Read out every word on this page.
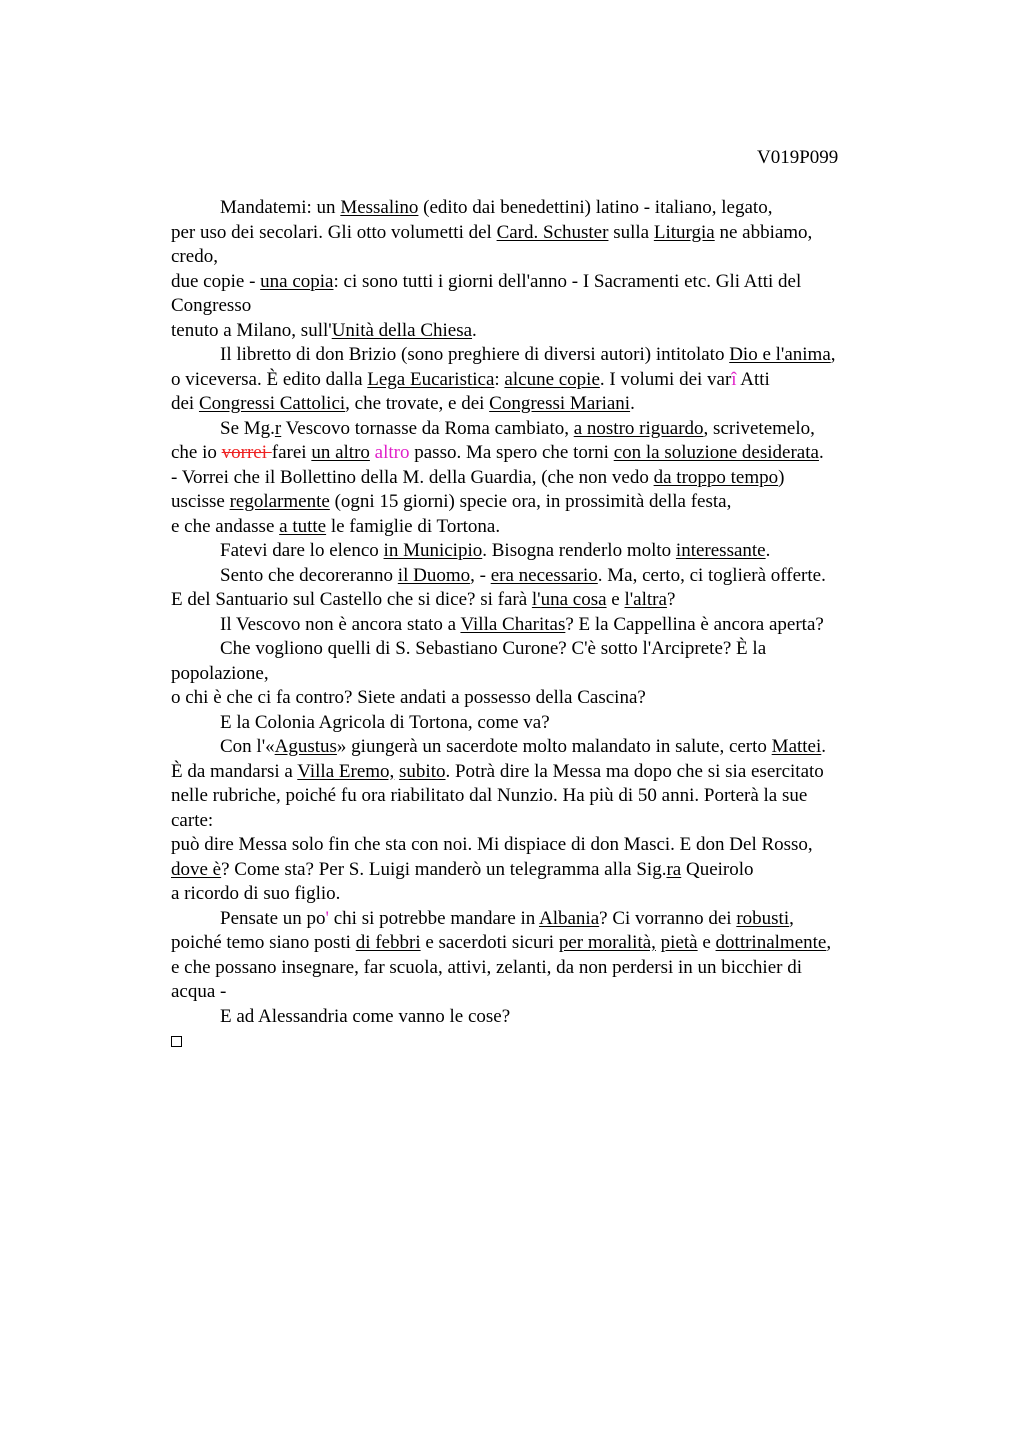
V019P099
Mandatemi: un Messalino (edito dai benedettini) latino - italiano, legato,
per uso dei secolari. Gli otto volumetti del Card. Schuster sulla Liturgia ne abbiamo,
credo,
due copie - una copia: ci sono tutti i giorni dell'anno - I Sacramenti etc. Gli Atti del
Congresso
tenuto a Milano, sull'Unità della Chiesa.
Il libretto di don Brizio (sono preghiere di diversi autori) intitolato Dio e l'anima,
o viceversa. È edito dalla Lega Eucaristica: alcune copie. I volumi dei varî Atti
dei Congressi Cattolici, che trovate, e dei Congressi Mariani.
Se Mg.r Vescovo tornasse da Roma cambiato, a nostro riguardo, scrivetemelo,
che io vorrei farei un altro altro passo. Ma spero che torni con la soluzione desiderata.
- Vorrei che il Bollettino della M. della Guardia, (che non vedo da troppo tempo)
uscisse regolarmente (ogni 15 giorni) specie ora, in prossimità della festa,
e che andasse a tutte le famiglie di Tortona.
Fatevi dare lo elenco in Municipio. Bisogna renderlo molto interessante.
Sento che decoreranno il Duomo, - era necessario. Ma, certo, ci toglierà offerte.
E del Santuario sul Castello che si dice? si farà l'una cosa e l'altra?
Il Vescovo non è ancora stato a Villa Charitas? E la Cappellina è ancora aperta?
Che vogliono quelli di S. Sebastiano Curone? C'è sotto l'Arciprete? È la
popolazione,
o chi è che ci fa contro? Siete andati a possesso della Cascina?
E la Colonia Agricola di Tortona, come va?
Con l'«Agustus» giungerà un sacerdote molto malandato in salute, certo Mattei.
È da mandarsi a Villa Eremo, subito. Potrà dire la Messa ma dopo che si sia esercitato
nelle rubriche, poiché fu ora riabilitato dal Nunzio. Ha più di 50 anni. Porterà la sue
carte:
può dire Messa solo fin che sta con noi. Mi dispiace di don Masci. E don Del Rosso,
dove è? Come sta? Per S. Luigi manderò un telegramma alla Sig.ra Queirolo
a ricordo di suo figlio.
Pensate un po' chi si potrebbe mandare in Albania? Ci vorranno dei robusti,
poiché temo siano posti di febbri e sacerdoti sicuri per moralità, pietà e dottrinalmente,
e che possano insegnare, far scuola, attivi, zelanti, da non perdersi in un bicchier di
acqua -
E ad Alessandria come vanno le cose?
